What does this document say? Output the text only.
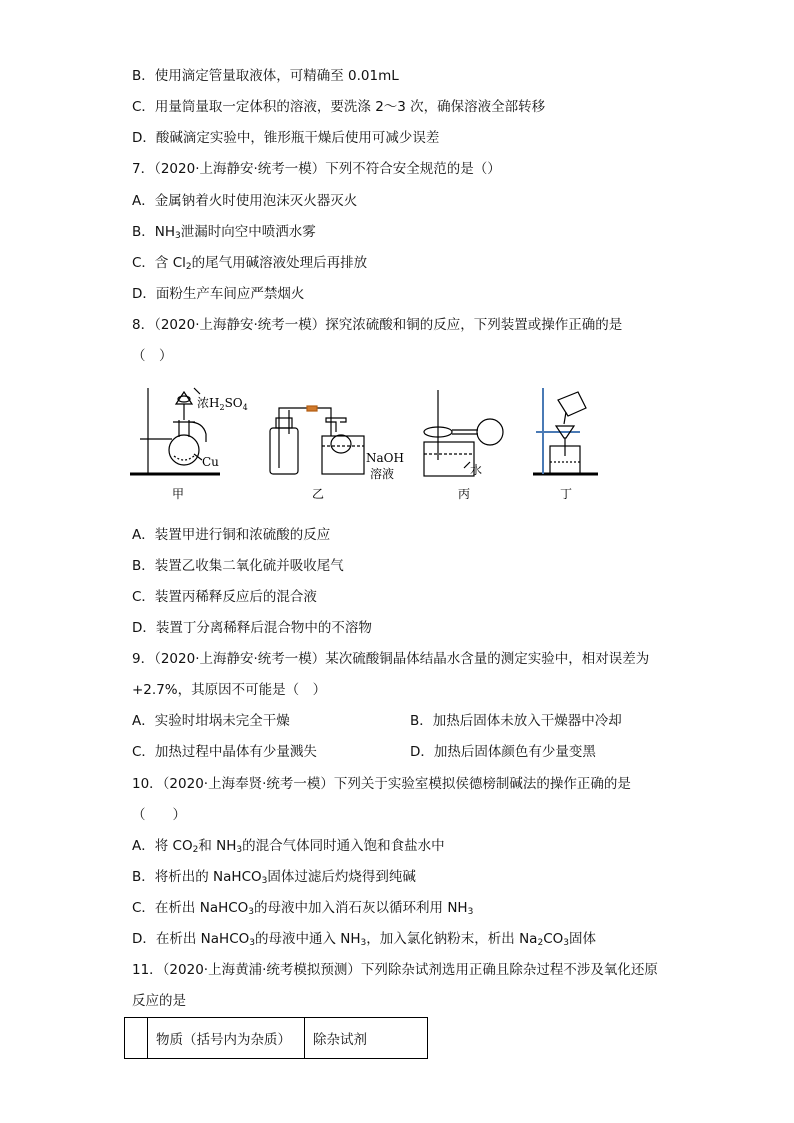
B．使用滴定管量取液体，可精确至 0.01mL
C．用量筒量取一定体积的溶液，要洗涤 2～3 次，确保溶液全部转移
D．酸碱滴定实验中，锥形瓶干燥后使用可减少误差
7．（2020·上海静安·统考一模）下列不符合安全规范的是（）
A．金属钠着火时使用泡沫灭火器灭火
B．$NH_3$泄漏时向空中喷洒水雾
C．含 $Cl_2$的尾气用碱溶液处理后再排放
D．面粉生产车间应严禁烟火
8．（2020·上海静安·统考一模）探究浓硫酸和铜的反应，下列装置或操作正确的是
（　）
浓$H_2SO_4$
Cu	NaOH
溶液	水
甲	乙	丙	丁
A．装置甲进行铜和浓硫酸的反应
B．装置乙收集二氧化硫并吸收尾气
C．装置丙稀释反应后的混合液
D．装置丁分离稀释后混合物中的不溶物
9．（2020·上海静安·统考一模）某次硫酸铜晶体结晶水含量的测定实验中，相对误差为
+2.7%，其原因不可能是（　）
A．实验时坩埚未完全干燥	B．加热后固体未放入干燥器中冷却
C．加热过程中晶体有少量溅失	D．加热后固体颜色有少量变黑
10．（2020·上海奉贤·统考一模）下列关于实验室模拟侯德榜制碱法的操作正确的是
（　　）
A．将 $CO_2$和 $NH_3$的混合气体同时通入饱和食盐水中
B．将析出的 NaHCO$_3$固体过滤后灼烧得到纯碱
C．在析出 NaHCO$_3$的母液中加入消石灰以循环利用 $NH_3$
D．在析出 NaHCO$_3$的母液中通入 $NH_3$，加入氯化钠粉末，析出 $Na_2CO_3$固体
11．（2020·上海黄浦·统考模拟预测）下列除杂试剂选用正确且除杂过程不涉及氧化还原
反应的是
	物质（括号内为杂质）	除杂试剂
